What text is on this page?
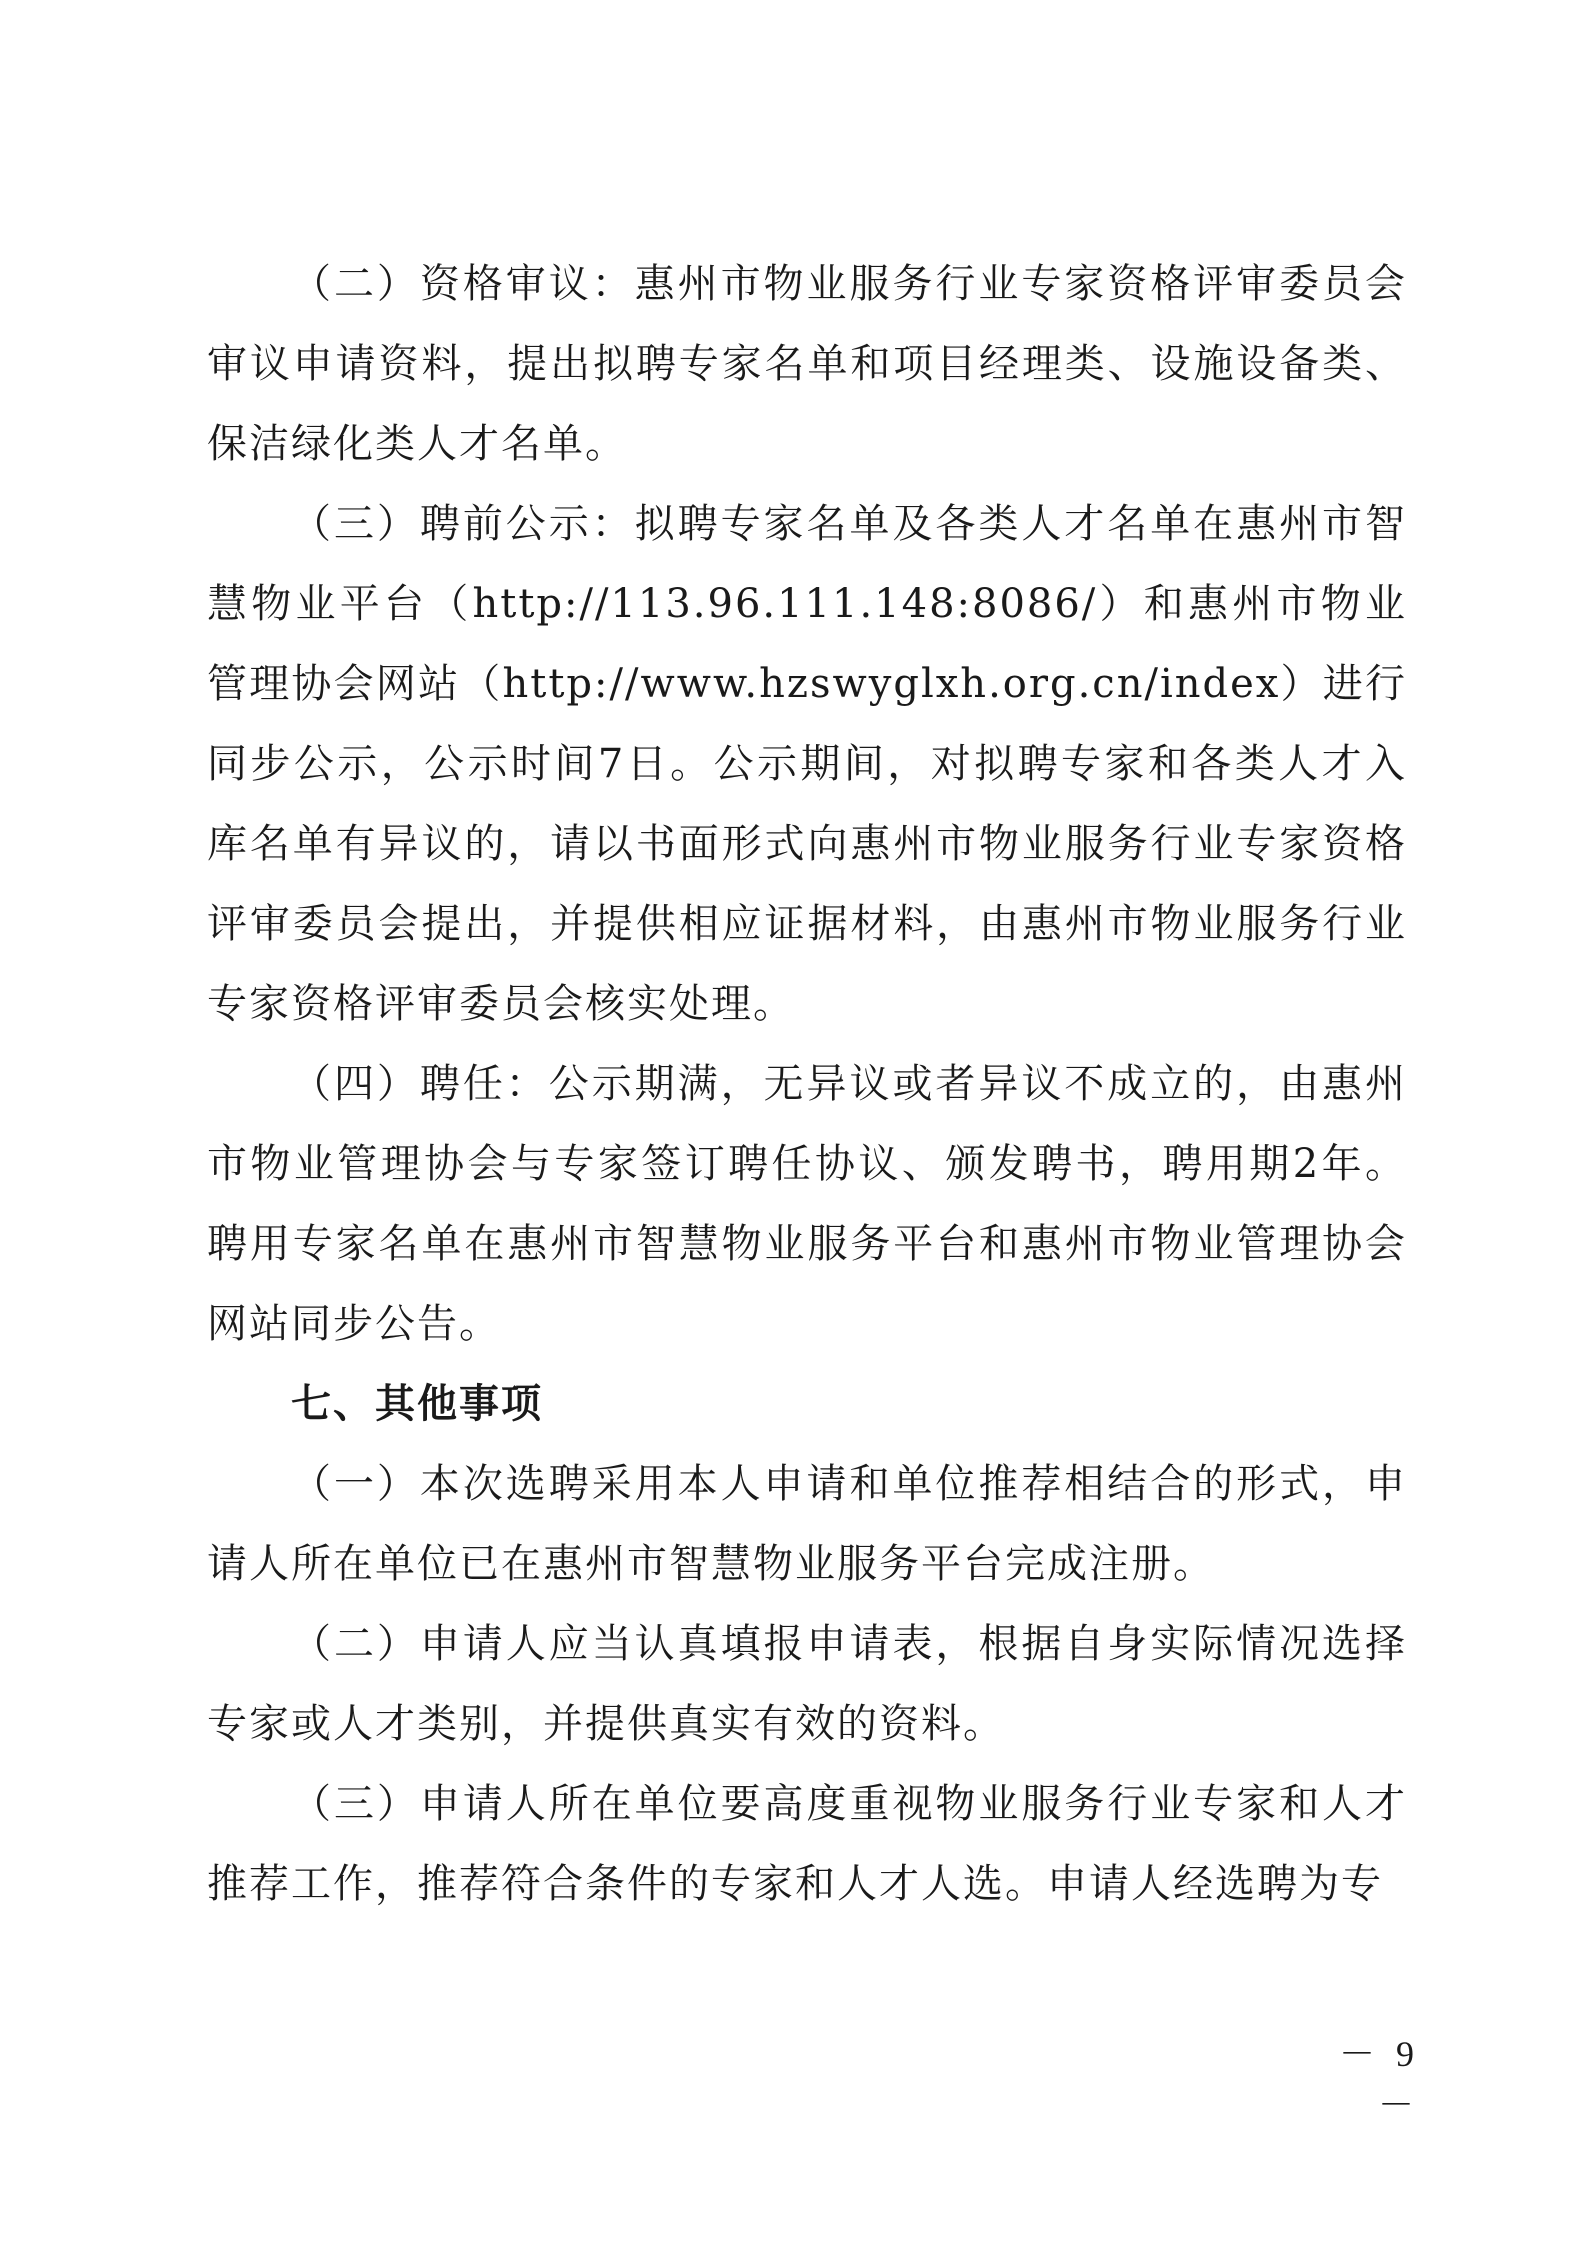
（二）资格审议：惠州市物业服务行业专家资格评审委员会审议申请资料，提出拟聘专家名单和项目经理类、设施设备类、保洁绿化类人才名单。

（三）聘前公示：拟聘专家名单及各类人才名单在惠州市智慧物业平台（http://113.96.111.148:8086/）和惠州市物业管理协会网站（http://www.hzswyglxh.org.cn/index）进行同步公示，公示时间7日。公示期间，对拟聘专家和各类人才入库名单有异议的，请以书面形式向惠州市物业服务行业专家资格评审委员会提出，并提供相应证据材料，由惠州市物业服务行业专家资格评审委员会核实处理。

（四）聘任：公示期满，无异议或者异议不成立的，由惠州市物业管理协会与专家签订聘任协议、颁发聘书，聘用期2年。聘用专家名单在惠州市智慧物业服务平台和惠州市物业管理协会网站同步公告。

七、其他事项

（一）本次选聘采用本人申请和单位推荐相结合的形式，申请人所在单位已在惠州市智慧物业服务平台完成注册。

（二）申请人应当认真填报申请表，根据自身实际情况选择专家或人才类别，并提供真实有效的资料。

（三）申请人所在单位要高度重视物业服务行业专家和人才推荐工作，推荐符合条件的专家和人才人选。申请人经选聘为专

－ 9 －
